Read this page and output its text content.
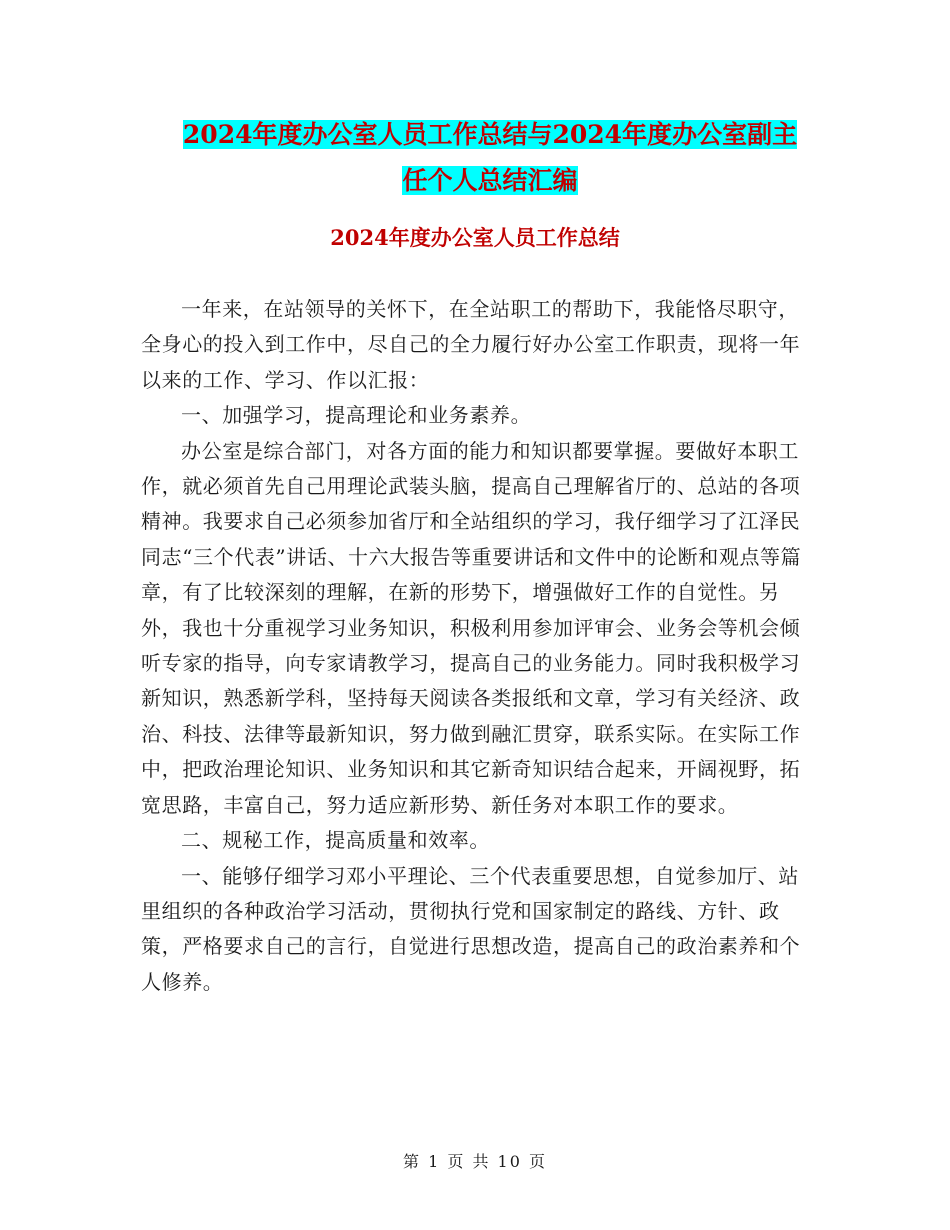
2024年度办公室人员工作总结与2024年度办公室副主
任个人总结汇编
2024年度办公室人员工作总结

一年来，在站领导的关怀下，在全站职工的帮助下，我能恪尽职守，全身心的投入到工作中，尽自己的全力履行好办公室工作职责，现将一年以来的工作、学习、作以汇报：

一、加强学习，提高理论和业务素养。

办公室是综合部门，对各方面的能力和知识都要掌握。要做好本职工作，就必须首先自己用理论武装头脑，提高自己理解省厅的、总站的各项精神。我要求自己必须参加省厅和全站组织的学习，我仔细学习了江泽民同志“三个代表”讲话、十六大报告等重要讲话和文件中的论断和观点等篇章，有了比较深刻的理解，在新的形势下，增强做好工作的自觉性。另外，我也十分重视学习业务知识，积极利用参加评审会、业务会等机会倾听专家的指导，向专家请教学习，提高自己的业务能力。同时我积极学习新知识，熟悉新学科，坚持每天阅读各类报纸和文章，学习有关经济、政治、科技、法律等最新知识，努力做到融汇贯穿，联系实际。在实际工作中，把政治理论知识、业务知识和其它新奇知识结合起来，开阔视野，拓宽思路，丰富自己，努力适应新形势、新任务对本职工作的要求。

二、规秘工作，提高质量和效率。

一、能够仔细学习邓小平理论、三个代表重要思想，自觉参加厅、站里组织的各种政治学习活动，贯彻执行党和国家制定的路线、方针、政策，严格要求自己的言行，自觉进行思想改造，提高自己的政治素养和个人修养。

第 1 页 共 10 页
